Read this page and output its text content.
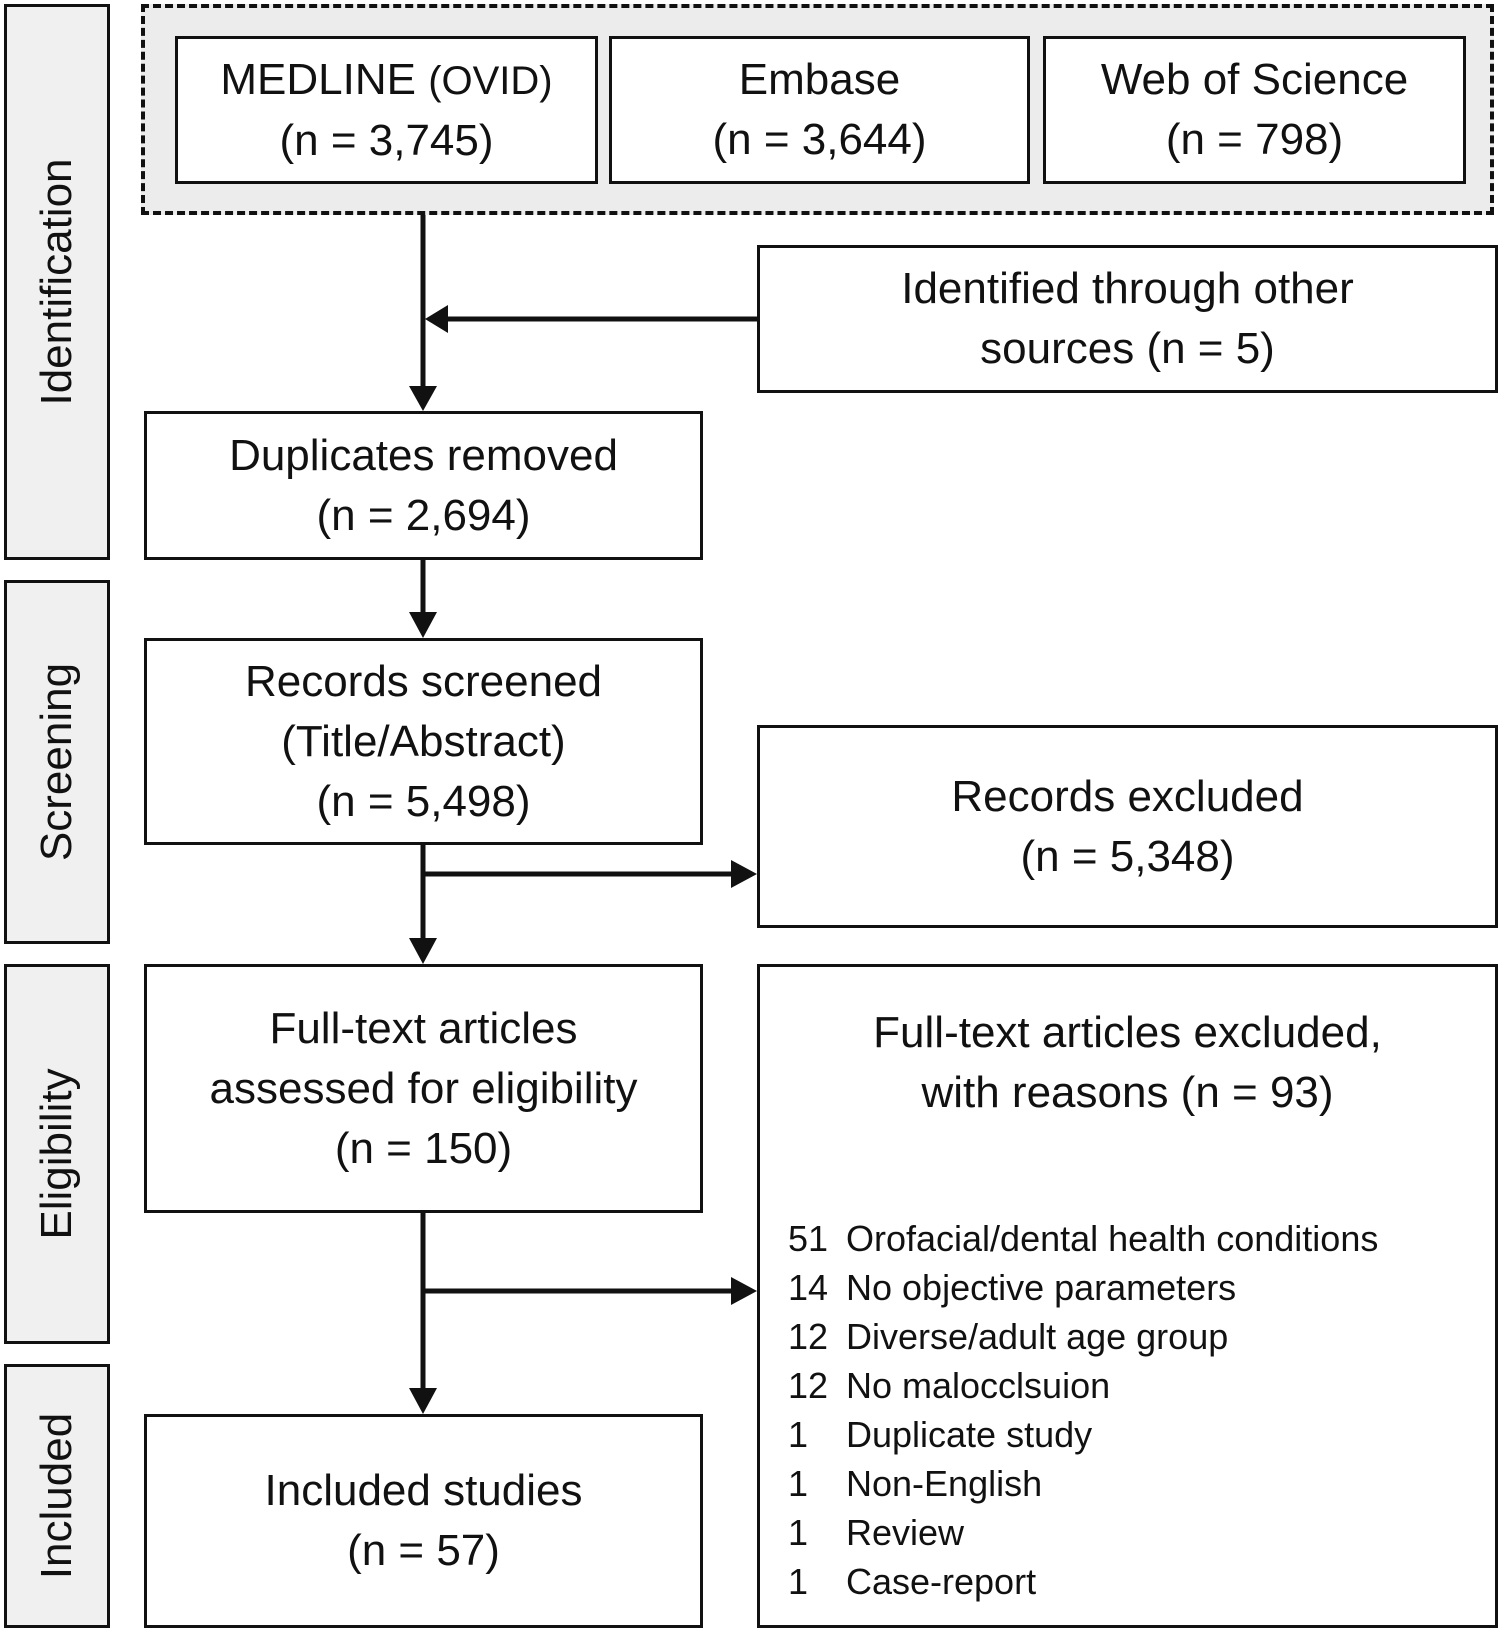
Identification
Screening
Eligibility
Included
MEDLINE (OVID)
(n = 3,745)
Embase
(n = 3,644)
Web of Science
(n = 798)
Identified through other
sources (n = 5)
Duplicates removed
(n = 2,694)
Records screened
(Title/Abstract)
(n = 5,498)	Records excluded
(n = 5,348)
Full-text articles
assessed for eligibility
(n = 150)
Full-text articles excluded,
with reasons (n = 93)
51 Orofacial/dental health conditions
14 No objective parameters
12 Diverse/adult age group
12 No malocclsuion
1	Duplicate study
1	Non-English
1	Review
1	Case-report
Included studies
(n = 57)
